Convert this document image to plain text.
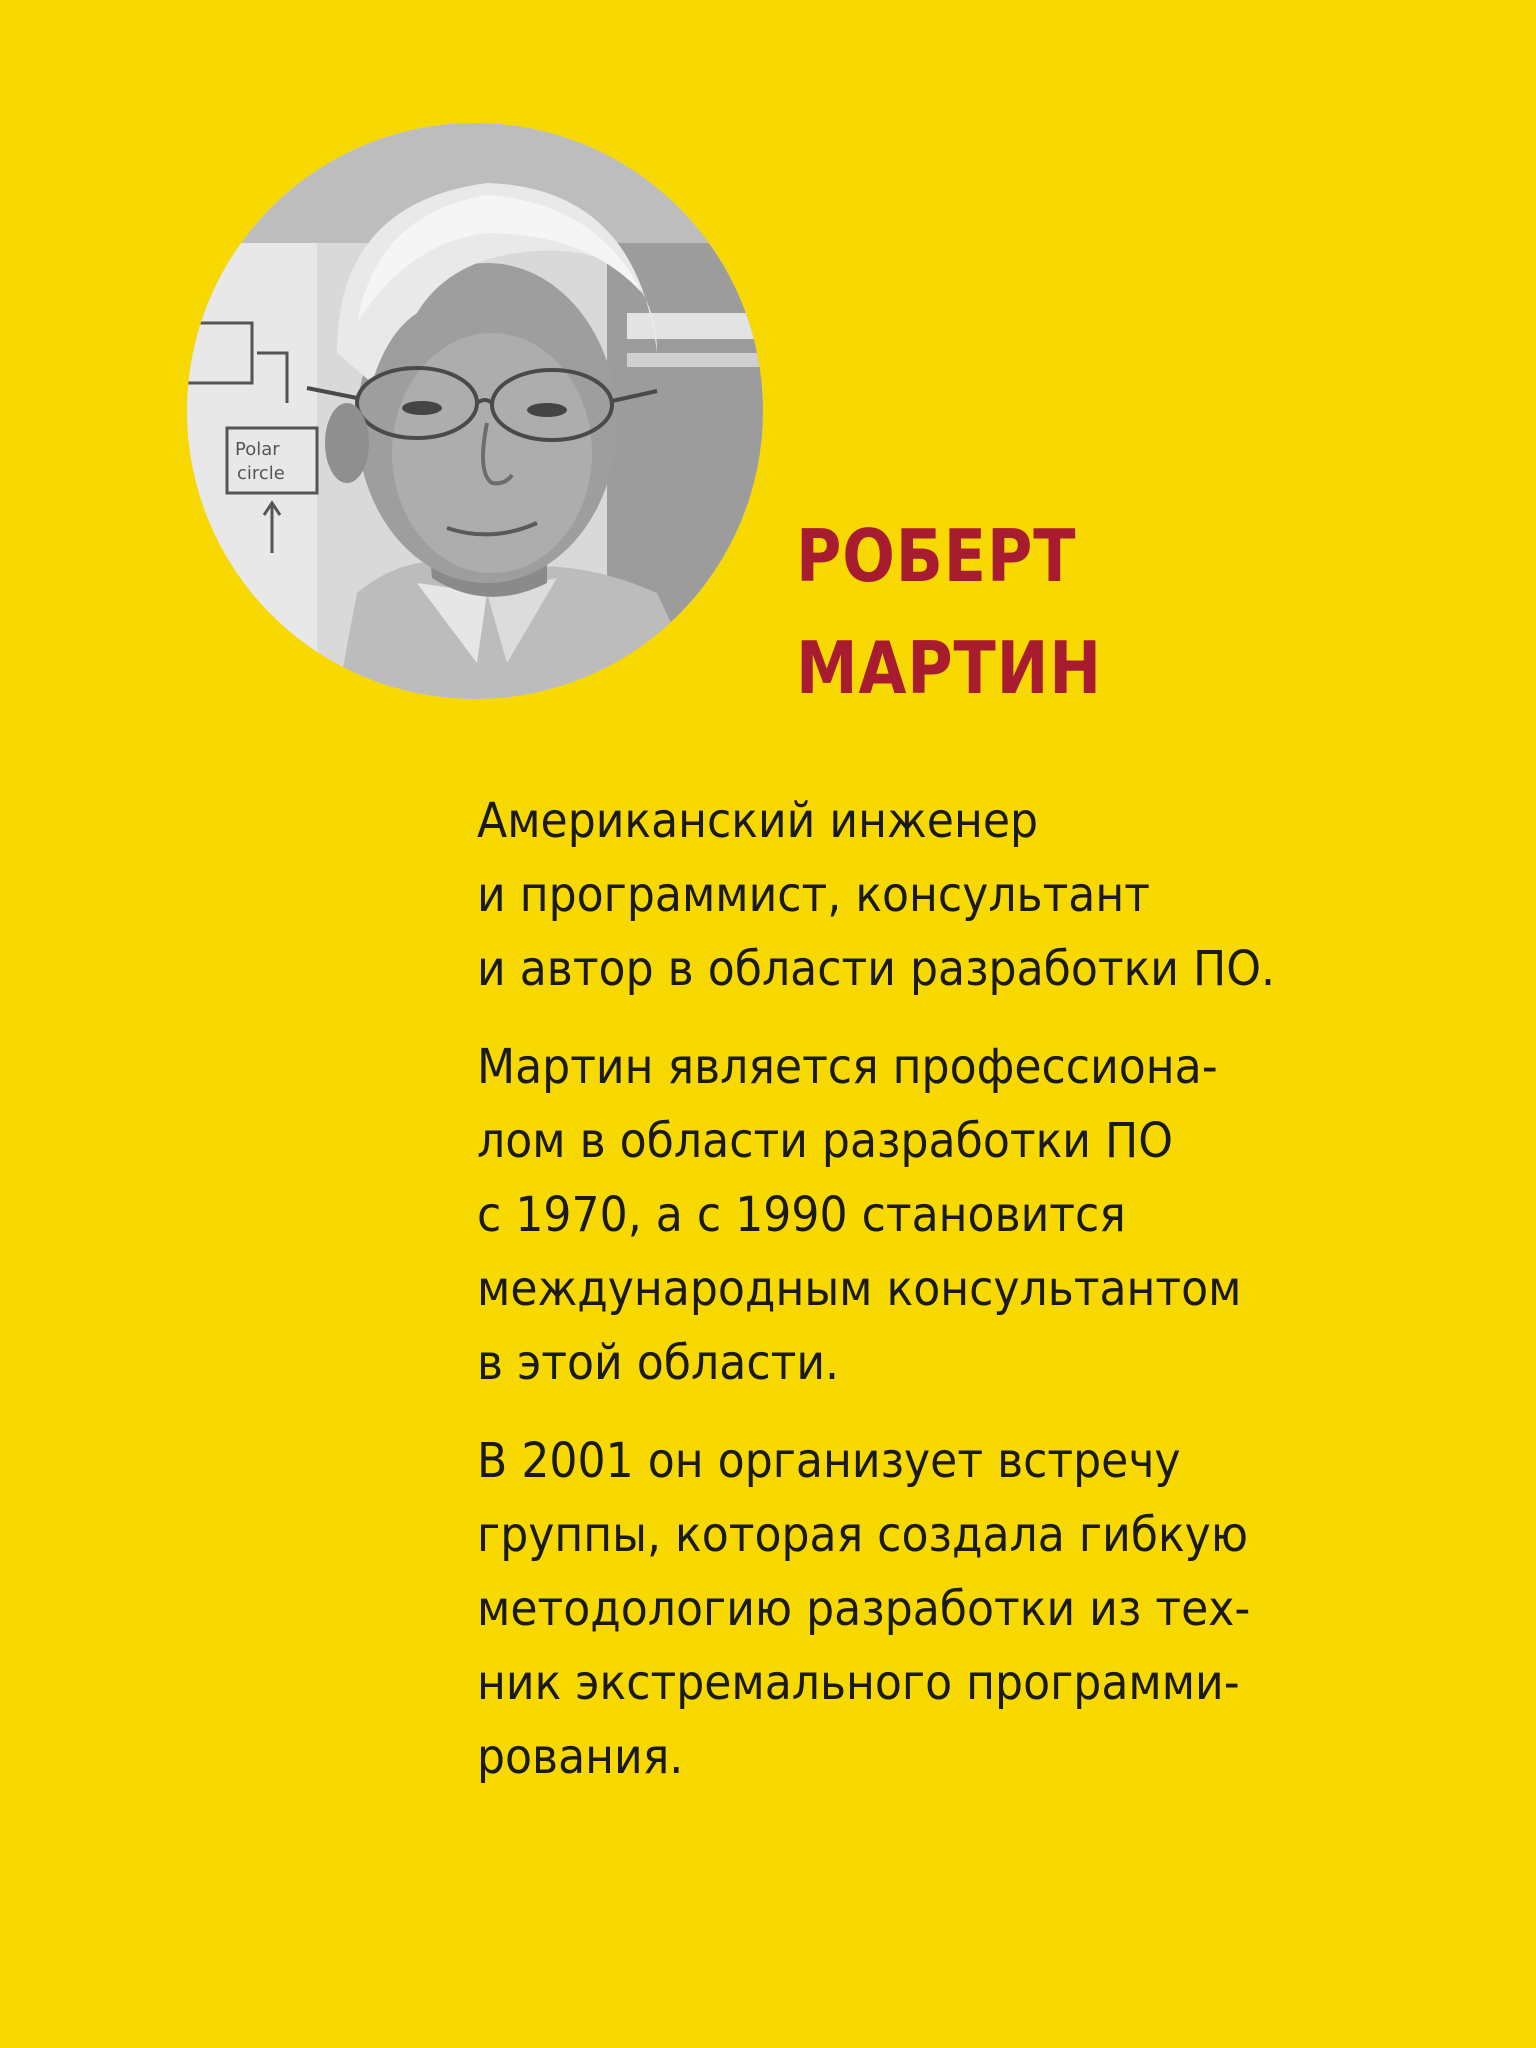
Polar
circle
РОБЕРТ
МАРТИН

Американский инженер
и программист, консультант
и автор в области разработки ПО.

Мартин является профессиона-
лом в области разработки ПО
с 1970, а с 1990 становится
международным консультантом
в этой области.

В 2001 он организует встречу
группы, которая создала гибкую
методологию разработки из тех-
ник экстремального программи-
рования.
